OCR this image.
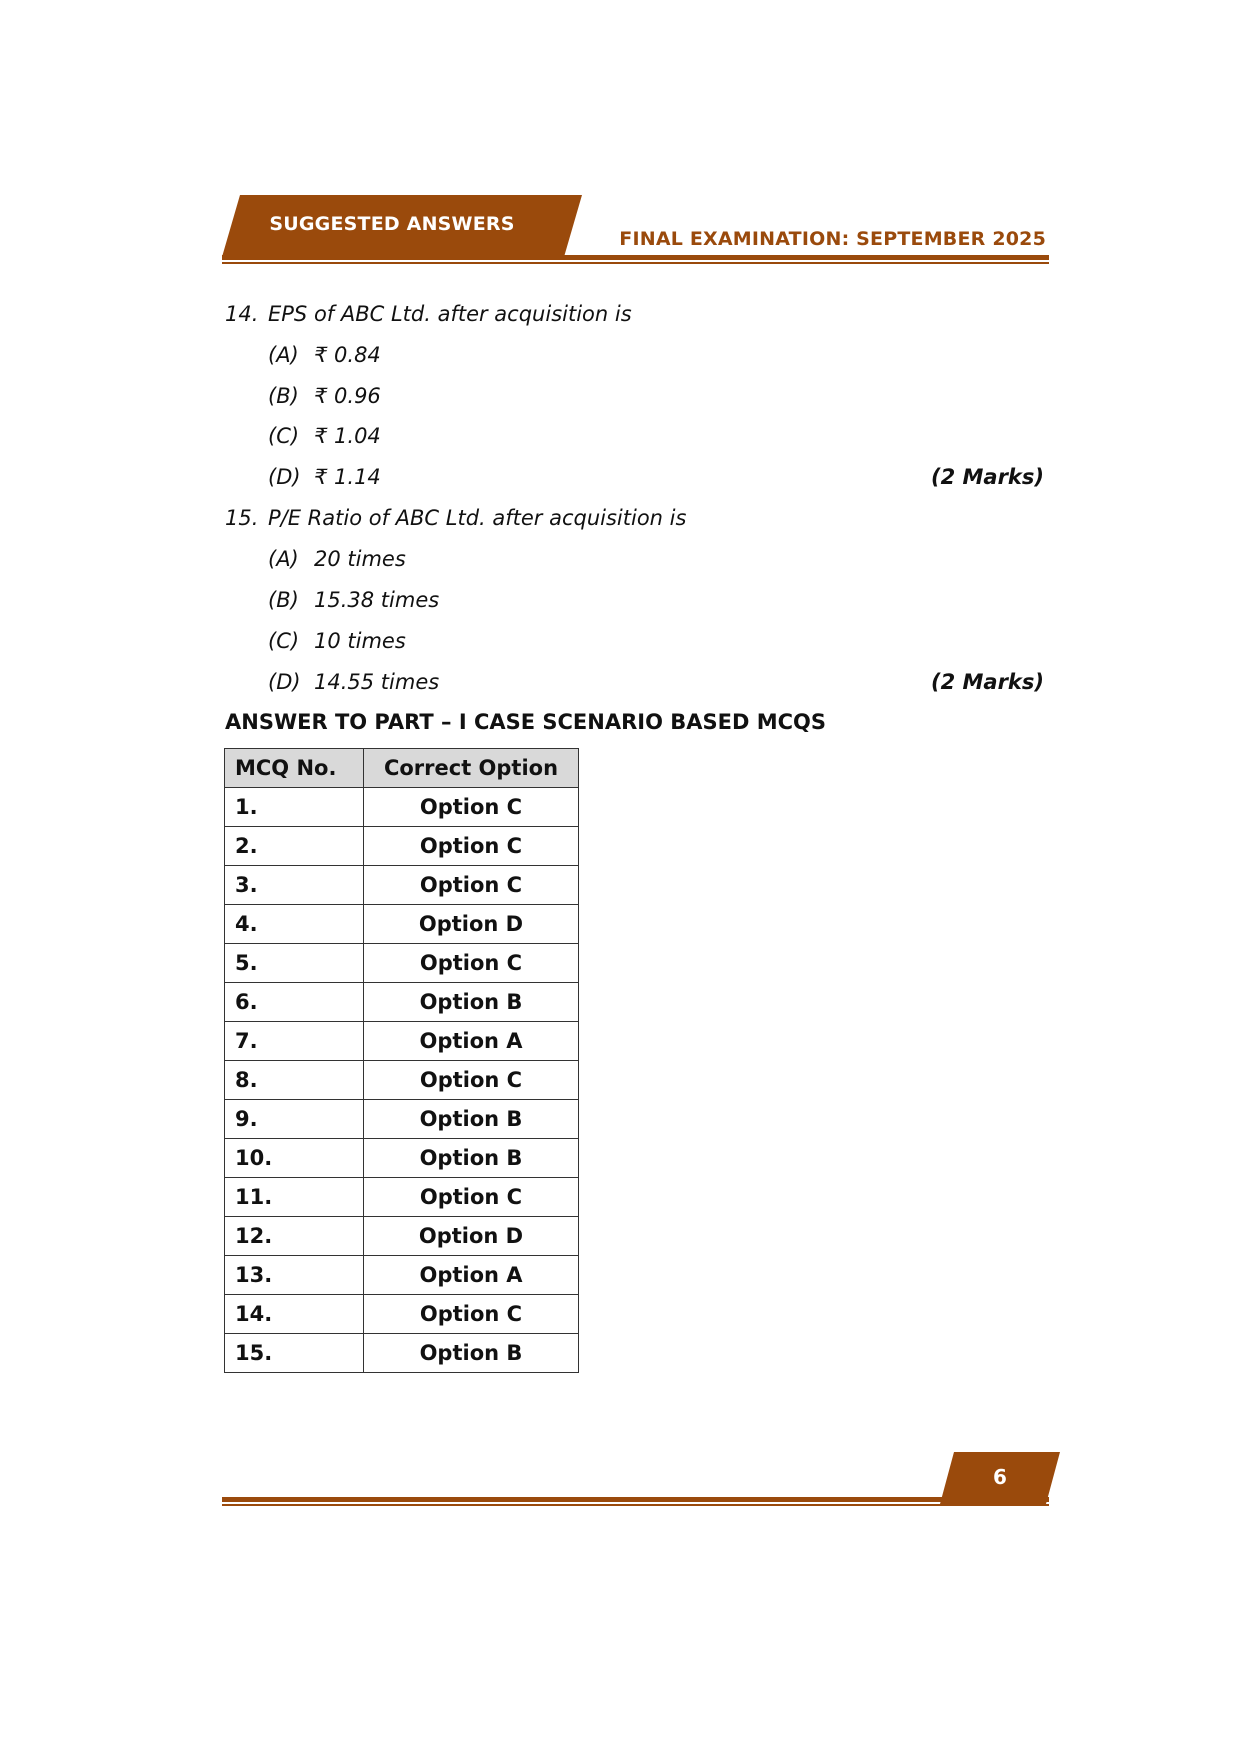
SUGGESTED ANSWERS
FINAL EXAMINATION: SEPTEMBER 2025
14. EPS of ABC Ltd. after acquisition is
(A) ₹ 0.84
(B) ₹ 0.96
(C) ₹ 1.04
(D) ₹ 1.14	(2 Marks)
15. P/E Ratio of ABC Ltd. after acquisition is
(A) 20 times
(B) 15.38 times
(C) 10 times
(D) 14.55 times	(2 Marks)
ANSWER TO PART – I CASE SCENARIO BASED MCQS
MCQ No.	Correct Option
1.	Option C
2.	Option C
3.	Option C
4.	Option D
5.	Option C
6.	Option B
7.	Option A
8.	Option C
9.	Option B
10.	Option B
11.	Option C
12.	Option D
13.	Option A
14.	Option C
15.	Option B
6
